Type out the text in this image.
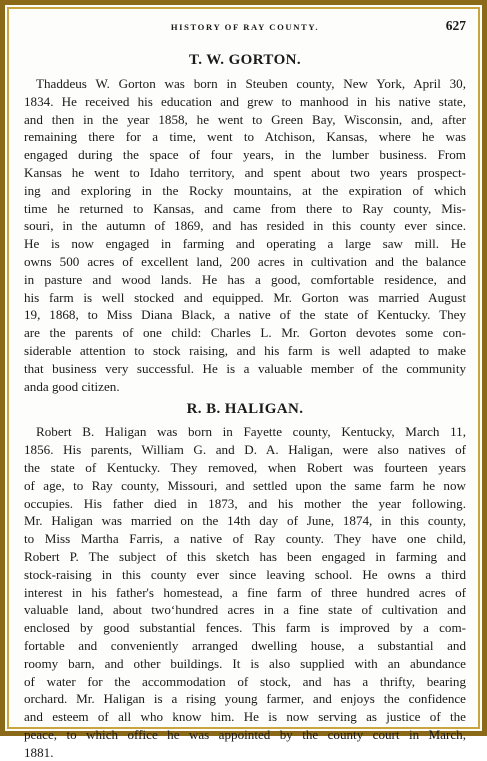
HISTORY OF RAY COUNTY.	627
T. W. GORTON.

Thaddeus W. Gorton was born in Steuben county, New York, April 30,

1834. He received his education and grew to manhood in his native state,

and then in the year 1858, he went to Green Bay, Wisconsin, and, after

remaining there for a time, went to Atchison, Kansas, where he was

engaged during the space of four years, in the lumber business. From

Kansas he went to Idaho territory, and spent about two years prospect-

ing and exploring in the Rocky mountains, at the expiration of which

time he returned to Kansas, and came from there to Ray county, Mis-

souri, in the autumn of 1869, and has resided in this county ever since.

He is now engaged in farming and operating a large saw mill. He

owns 500 acres of excellent land, 200 acres in cultivation and the balance

in pasture and wood lands. He has a good, comfortable residence, and

his farm is well stocked and equipped. Mr. Gorton was married August

19, 1868, to Miss Diana Black, a native of the state of Kentucky. They

are the parents of one child: Charles L. Mr. Gorton devotes some con-

siderable attention to stock raising, and his farm is well adapted to make

that business very successful. He is a valuable member of the community

anda good citizen.

R. B. HALIGAN.

Robert B. Haligan was born in Fayette county, Kentucky, March 11,

1856. His parents, William G. and D. A. Haligan, were also natives of

the state of Kentucky. They removed, when Robert was fourteen years

of age, to Ray county, Missouri, and settled upon the same farm he now

occupies. His father died in 1873, and his mother the year following.

Mr. Haligan was married on the 14th day of June, 1874, in this county,

to Miss Martha Farris, a native of Ray county. They have one child,

Robert P. The subject of this sketch has been engaged in farming and

stock-raising in this county ever since leaving school. He owns a third

interest in his father's homestead, a fine farm of three hundred acres of

valuable land, about two‘hundred acres in a fine state of cultivation and

enclosed by good substantial fences. This farm is improved by a com-

fortable and conveniently arranged dwelling house, a substantial and

roomy barn, and other buildings. It is also supplied with an abundance

of water for the accommodation of stock, and has a thrifty, bearing

orchard. Mr. Haligan is a rising young farmer, and enjoys the confidence

and esteem of all who know him. He is now serving as justice of the

peace, to which office he was appointed by the county court in March,

1881.
